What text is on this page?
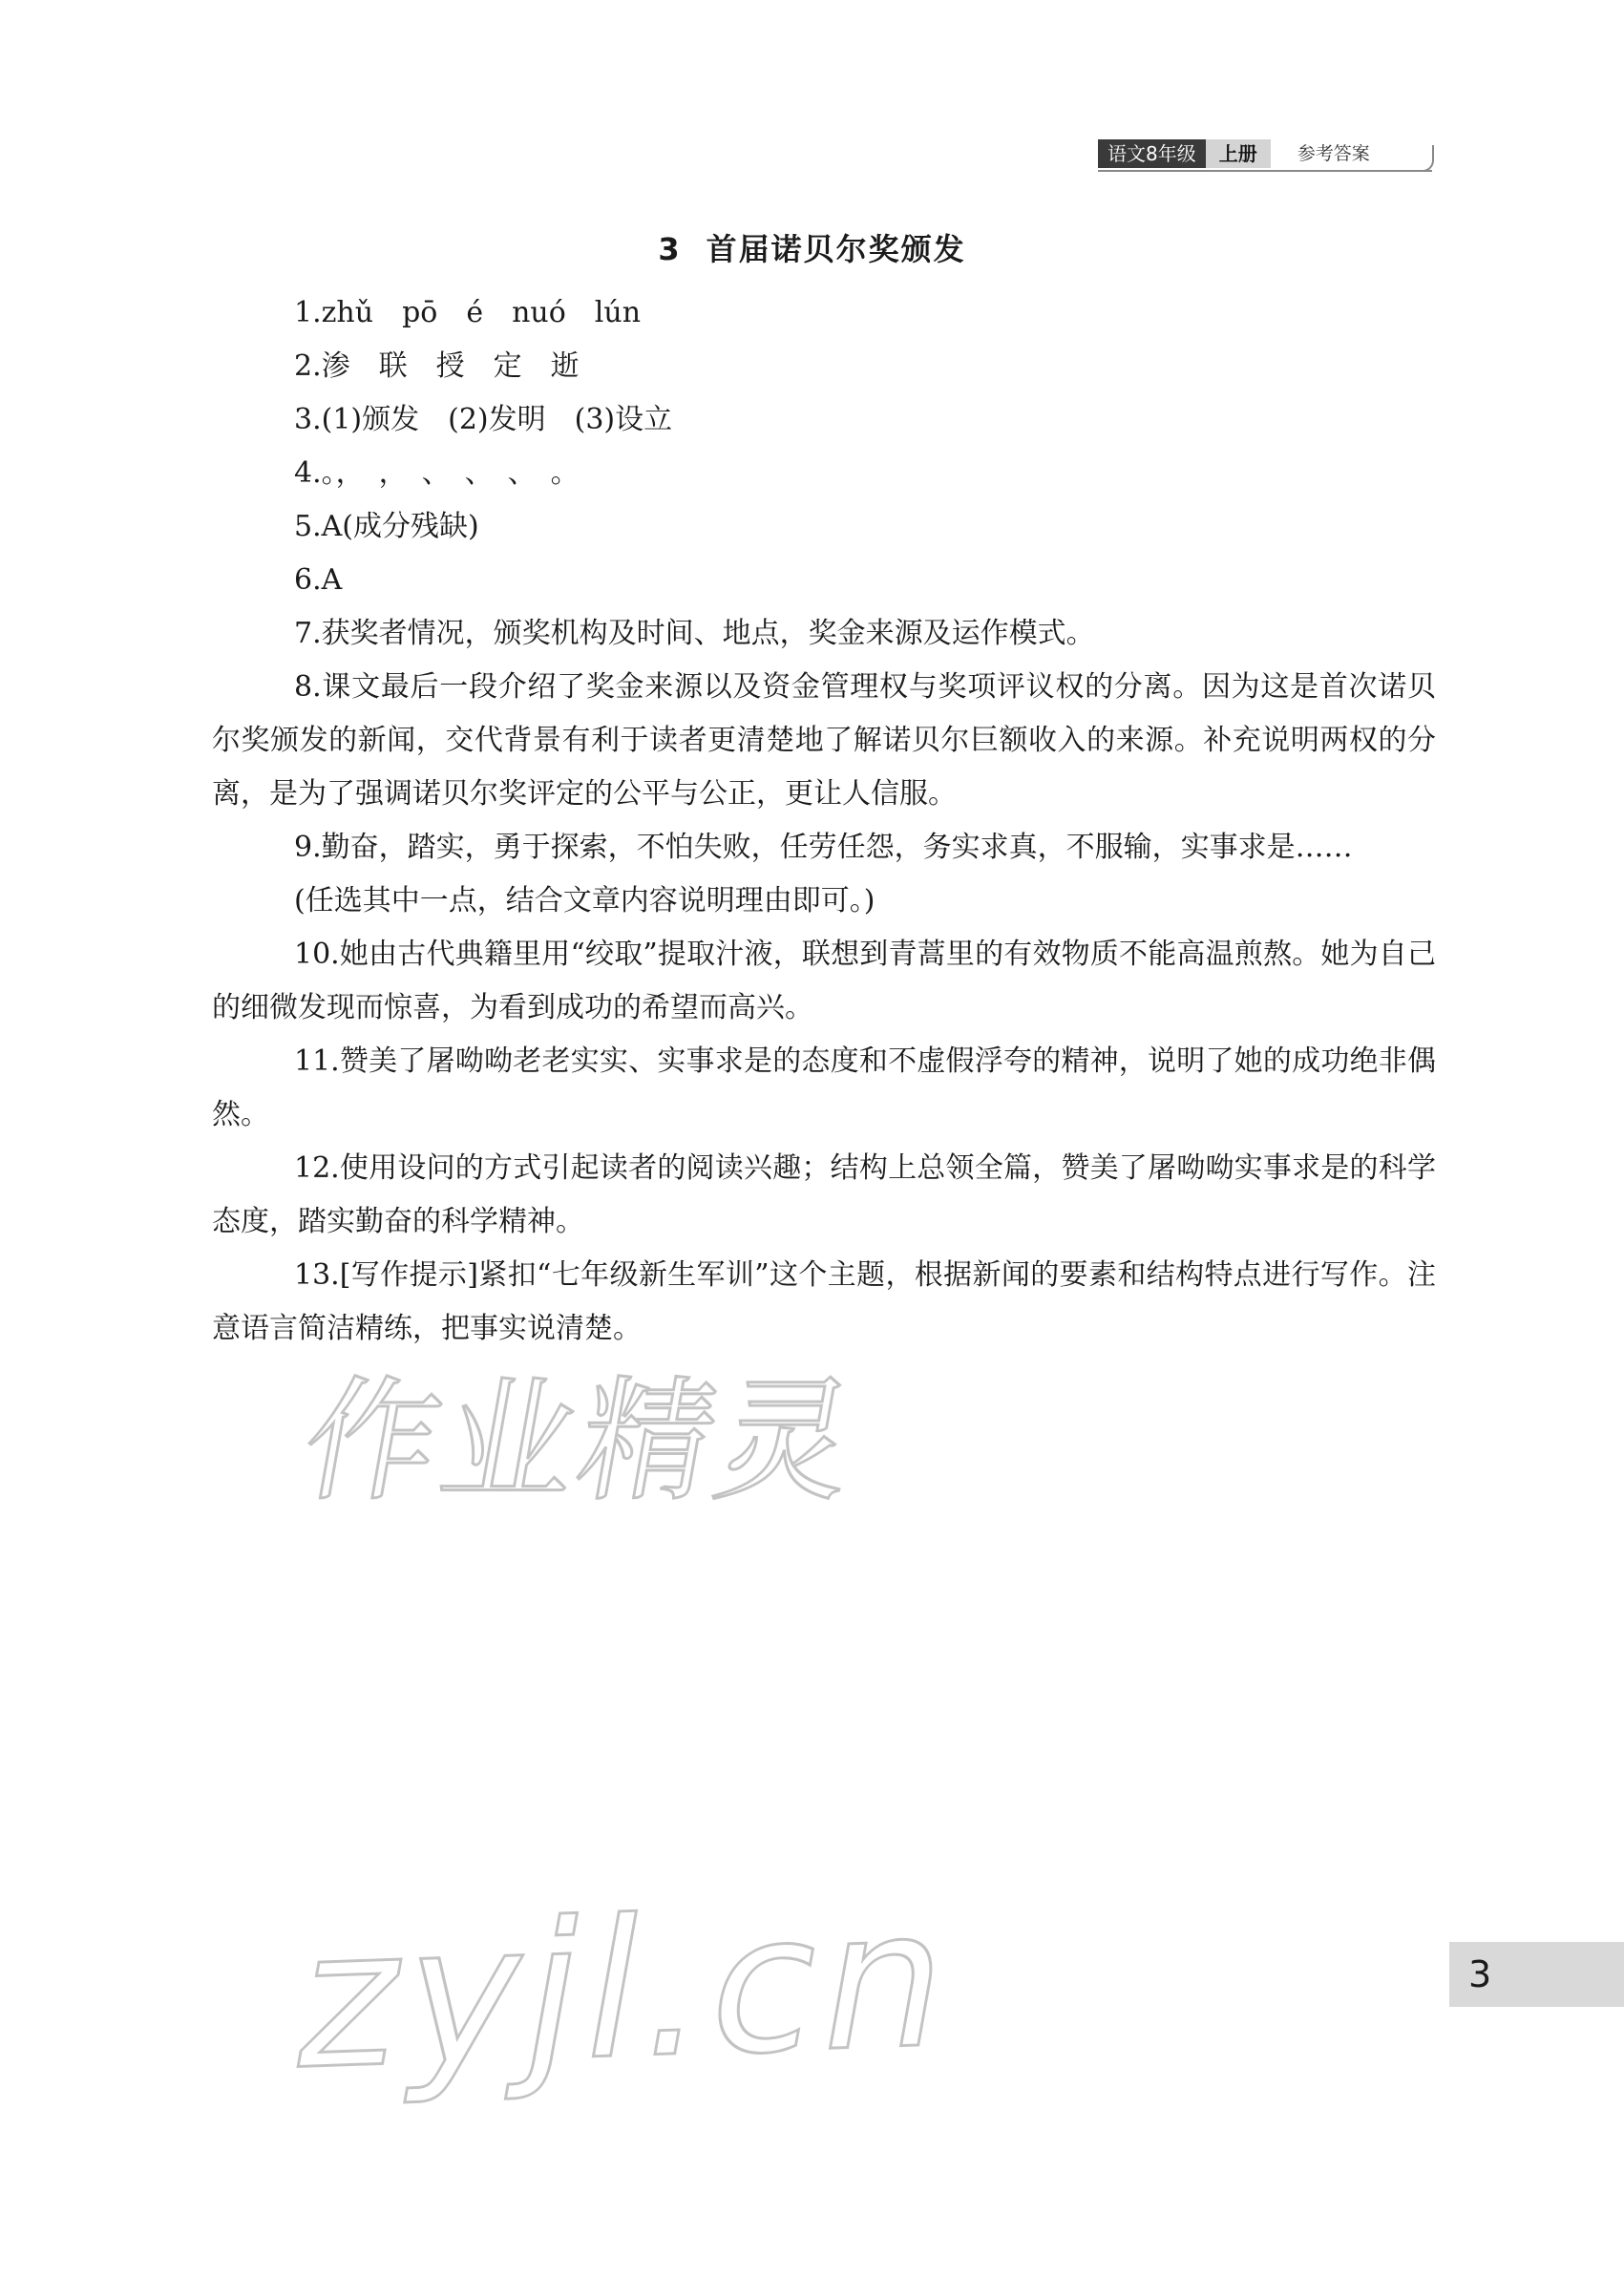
语文8年级	上册	参考答案
3 首届诺贝尔奖颁发

1.zhǔ　pō　é　nuó　lún

2.渗　联　授　定　逝

3.(1)颁发　(2)发明　(3)设立

4.。，　，　、　、　、　。

5.A(成分残缺)

6.A

7.获奖者情况，颁奖机构及时间、地点，奖金来源及运作模式。

8.课文最后一段介绍了奖金来源以及资金管理权与奖项评议权的分离。因为这是首次诺贝尔奖颁发的新闻，交代背景有利于读者更清楚地了解诺贝尔巨额收入的来源。补充说明两权的分离，是为了强调诺贝尔奖评定的公平与公正，更让人信服。

9.勤奋，踏实，勇于探索，不怕失败，任劳任怨，务实求真，不服输，实事求是……

(任选其中一点，结合文章内容说明理由即可。)

10.她由古代典籍里用“绞取”提取汁液，联想到青蒿里的有效物质不能高温煎熬。她为自己的细微发现而惊喜，为看到成功的希望而高兴。

11.赞美了屠呦呦老老实实、实事求是的态度和不虚假浮夸的精神，说明了她的成功绝非偶然。

12.使用设问的方式引起读者的阅读兴趣；结构上总领全篇，赞美了屠呦呦实事求是的科学态度，踏实勤奋的科学精神。

13.[写作提示]紧扣“七年级新生军训”这个主题，根据新闻的要素和结构特点进行写作。注意语言简洁精练，把事实说清楚。

作业精灵
zyjl.cn	3
